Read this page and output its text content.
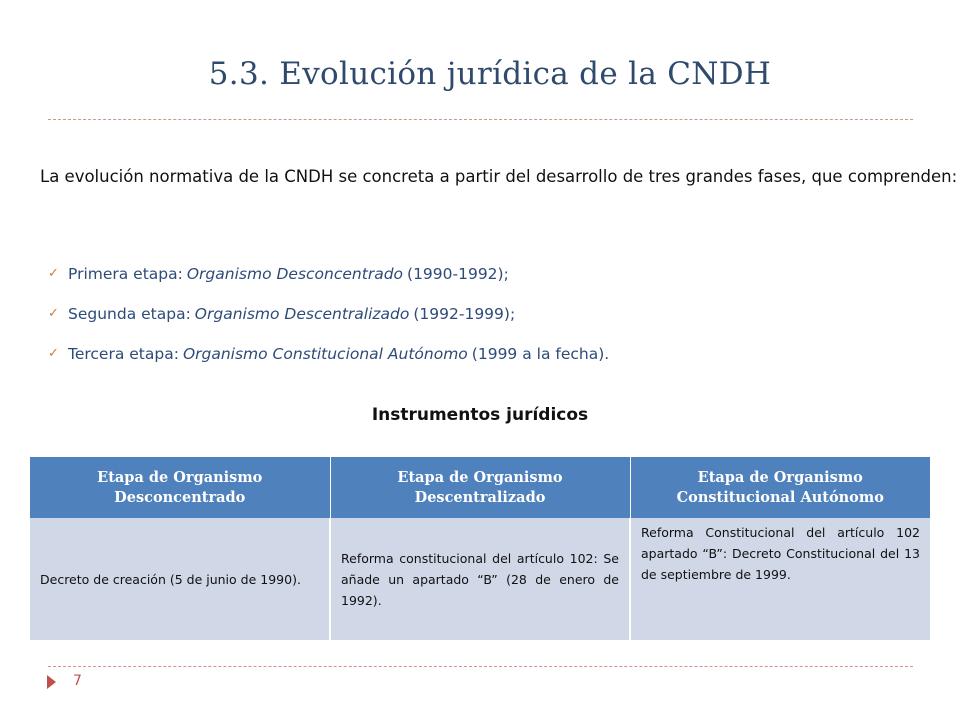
5.3. Evolución jurídica de la CNDH
La evolución normativa de la CNDH se concreta a partir del desarrollo de tres grandes fases, que comprenden:
✓ Primera etapa: Organismo Desconcentrado (1990-1992);
✓ Segunda etapa: Organismo Descentralizado (1992-1999);
✓ Tercera etapa: Organismo Constitucional Autónomo (1999 a la fecha).
Instrumentos jurídicos
Etapa de Organismo Desconcentrado	Etapa de Organismo Descentralizado	Etapa de Organismo Constitucional Autónomo
Decreto de creación (5 de junio de 1990).	Reforma constitucional del artículo 102: Se añade un apartado “B” (28 de enero de 1992).	Reforma Constitucional del artículo 102 apartado “B”: Decreto Constitucional del 13 de septiembre de 1999.
7
